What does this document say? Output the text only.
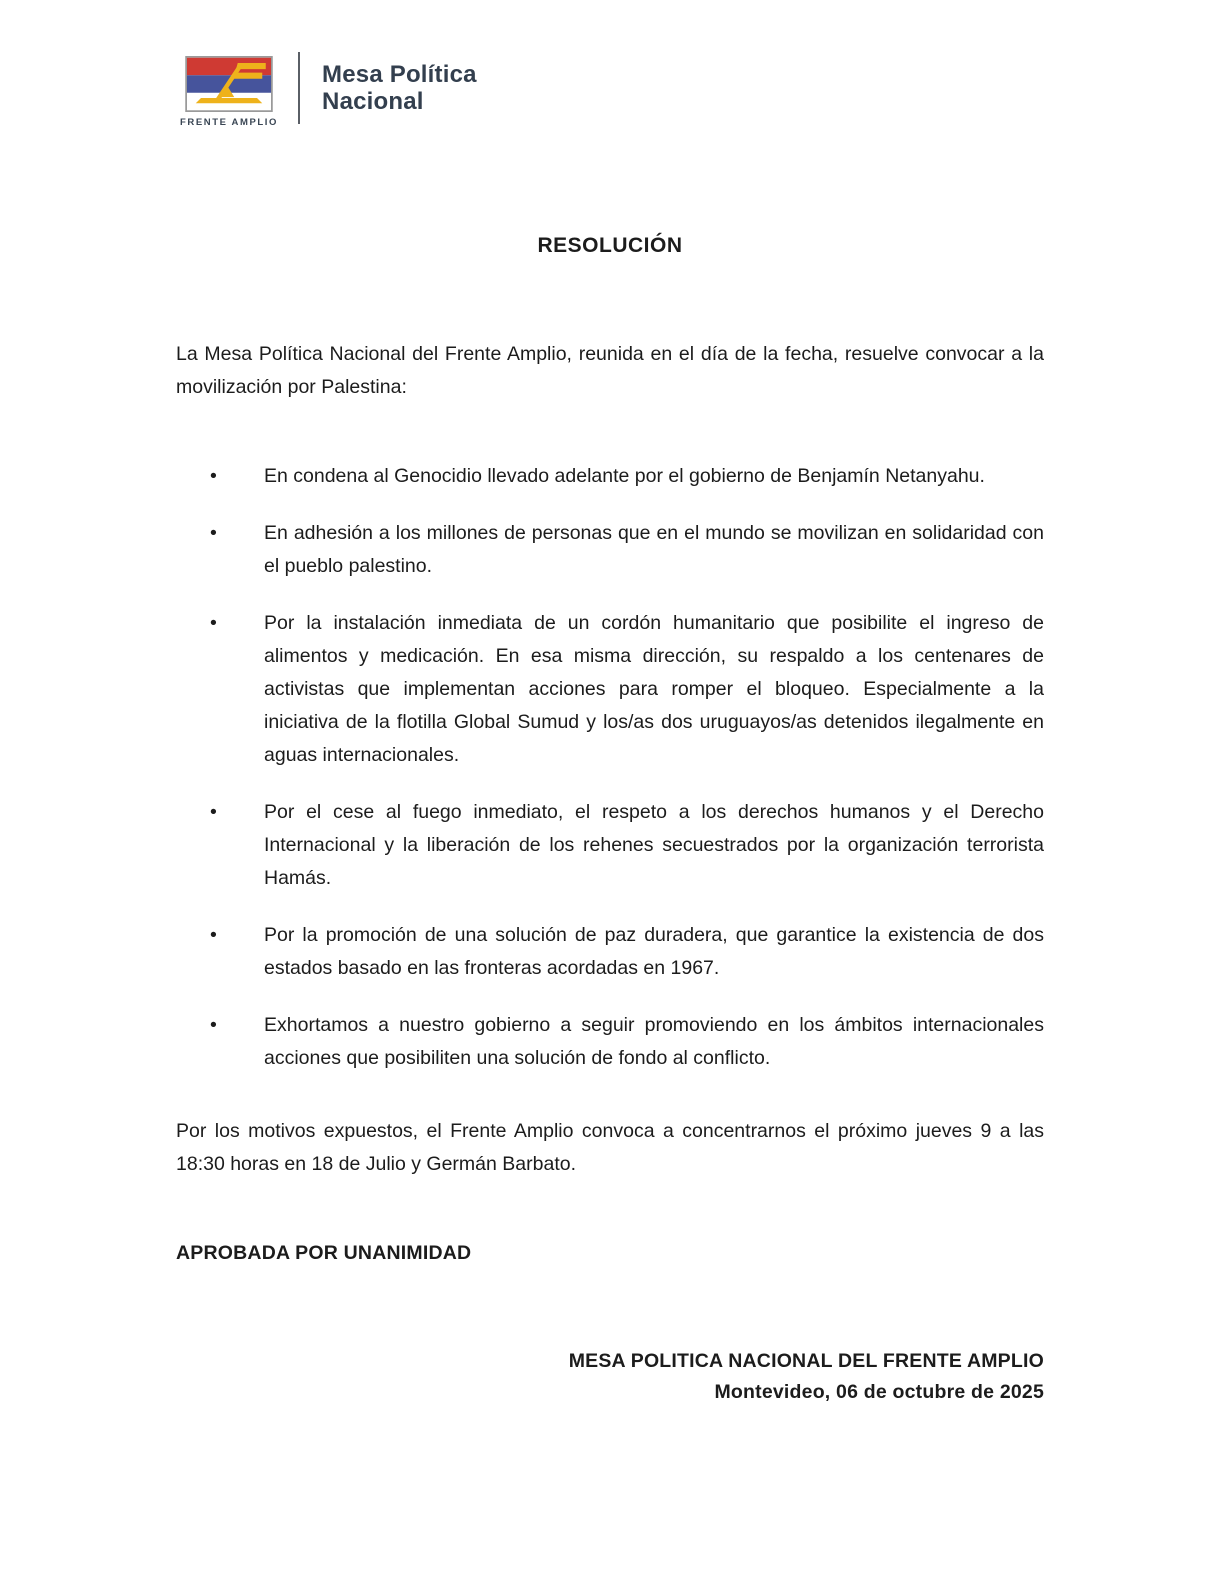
FRENTE AMPLIO
Mesa Política
Nacional
RESOLUCIÓN

La Mesa Política Nacional del Frente Amplio, reunida en el día de la fecha, resuelve convocar a la movilización por Palestina:

• En condena al Genocidio llevado adelante por el gobierno de Benjamín Netanyahu.
• En adhesión a los millones de personas que en el mundo se movilizan en solidaridad con el pueblo palestino.
• Por la instalación inmediata de un cordón humanitario que posibilite el ingreso de alimentos y medicación. En esa misma dirección, su respaldo a los centenares de activistas que implementan acciones para romper el bloqueo. Especialmente a la iniciativa de la flotilla Global Sumud y los/as dos uruguayos/as detenidos ilegalmente en aguas internacionales.
• Por el cese al fuego inmediato, el respeto a los derechos humanos y el Derecho Internacional y la liberación de los rehenes secuestrados por la organización terrorista Hamás.
• Por la promoción de una solución de paz duradera, que garantice la existencia de dos estados basado en las fronteras acordadas en 1967.
• Exhortamos a nuestro gobierno a seguir promoviendo en los ámbitos internacionales acciones que posibiliten una solución de fondo al conflicto.

Por los motivos expuestos, el Frente Amplio convoca a concentrarnos el próximo jueves 9 a las 18:30 horas en 18 de Julio y Germán Barbato.

APROBADA POR UNANIMIDAD
MESA POLITICA NACIONAL DEL FRENTE AMPLIO
Montevideo, 06 de octubre de 2025
